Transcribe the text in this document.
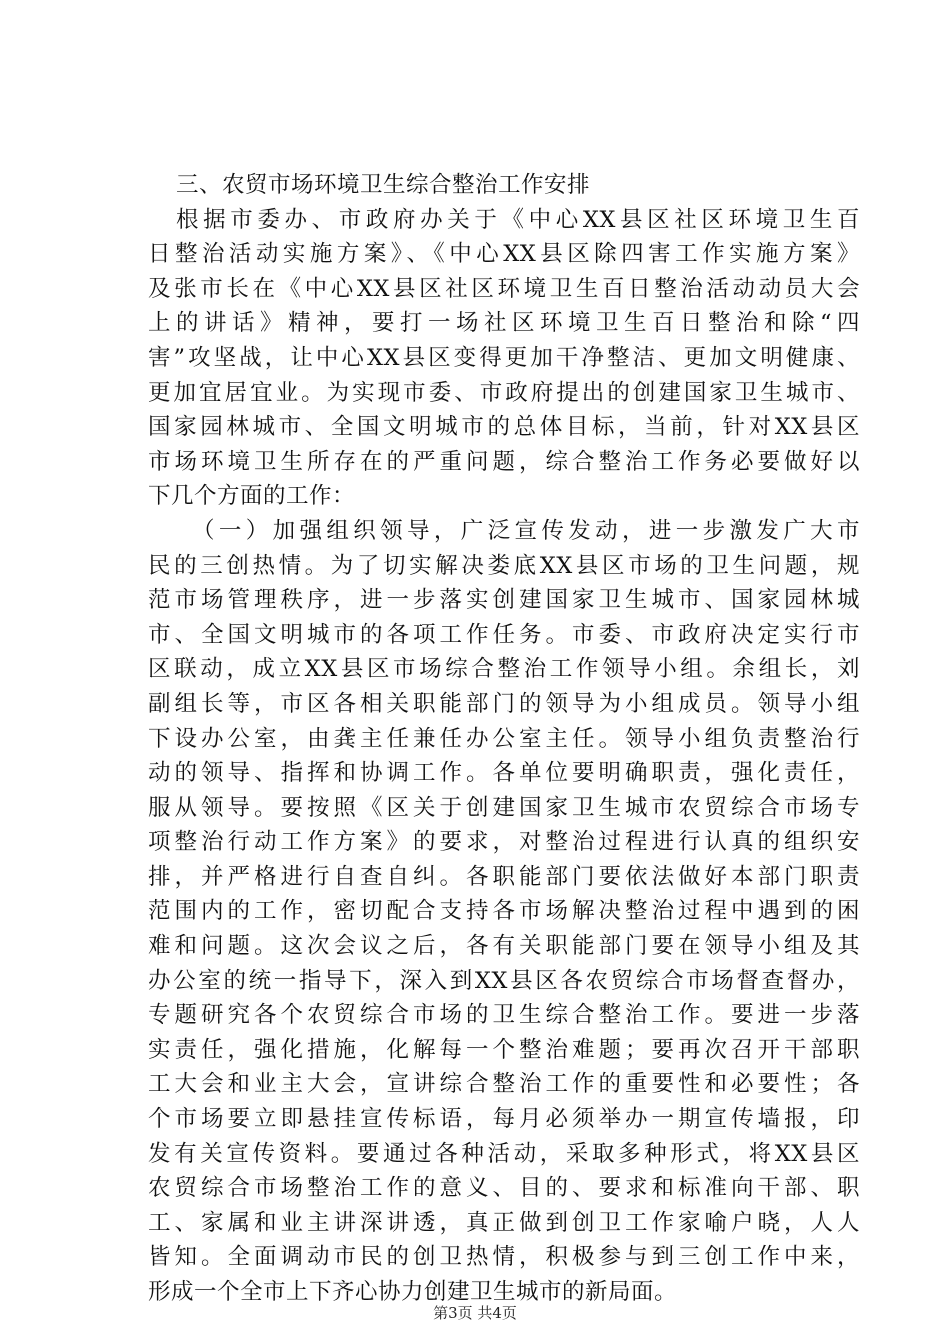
三、农贸市场环境卫生综合整治工作安排
根据市委办、市政府办关于《中心XX县区社区环境卫生百
日整治活动实施方案》、《中心XX县区除四害工作实施方案》
及张市长在《中心XX县区社区环境卫生百日整治活动动员大会
上的讲话》精神，要打一场社区环境卫生百日整治和除“四
害”攻坚战，让中心XX县区变得更加干净整洁、更加文明健康、
更加宜居宜业。为实现市委、市政府提出的创建国家卫生城市、
国家园林城市、全国文明城市的总体目标，当前，针对XX县区
市场环境卫生所存在的严重问题，综合整治工作务必要做好以
下几个方面的工作：
（一）加强组织领导，广泛宣传发动，进一步激发广大市
民的三创热情。为了切实解决娄底XX县区市场的卫生问题，规
范市场管理秩序，进一步落实创建国家卫生城市、国家园林城
市、全国文明城市的各项工作任务。市委、市政府决定实行市
区联动，成立XX县区市场综合整治工作领导小组。余组长，刘
副组长等，市区各相关职能部门的领导为小组成员。领导小组
下设办公室，由龚主任兼任办公室主任。领导小组负责整治行
动的领导、指挥和协调工作。各单位要明确职责，强化责任，
服从领导。要按照《区关于创建国家卫生城市农贸综合市场专
项整治行动工作方案》的要求，对整治过程进行认真的组织安
排，并严格进行自查自纠。各职能部门要依法做好本部门职责
范围内的工作，密切配合支持各市场解决整治过程中遇到的困
难和问题。这次会议之后，各有关职能部门要在领导小组及其
办公室的统一指导下，深入到XX县区各农贸综合市场督查督办，
专题研究各个农贸综合市场的卫生综合整治工作。要进一步落
实责任，强化措施，化解每一个整治难题；要再次召开干部职
工大会和业主大会，宣讲综合整治工作的重要性和必要性；各
个市场要立即悬挂宣传标语，每月必须举办一期宣传墙报，印
发有关宣传资料。要通过各种活动，采取多种形式，将XX县区
农贸综合市场整治工作的意义、目的、要求和标准向干部、职
工、家属和业主讲深讲透，真正做到创卫工作家喻户晓，人人
皆知。全面调动市民的创卫热情，积极参与到三创工作中来，
形成一个全市上下齐心协力创建卫生城市的新局面。
第3页 共4页
